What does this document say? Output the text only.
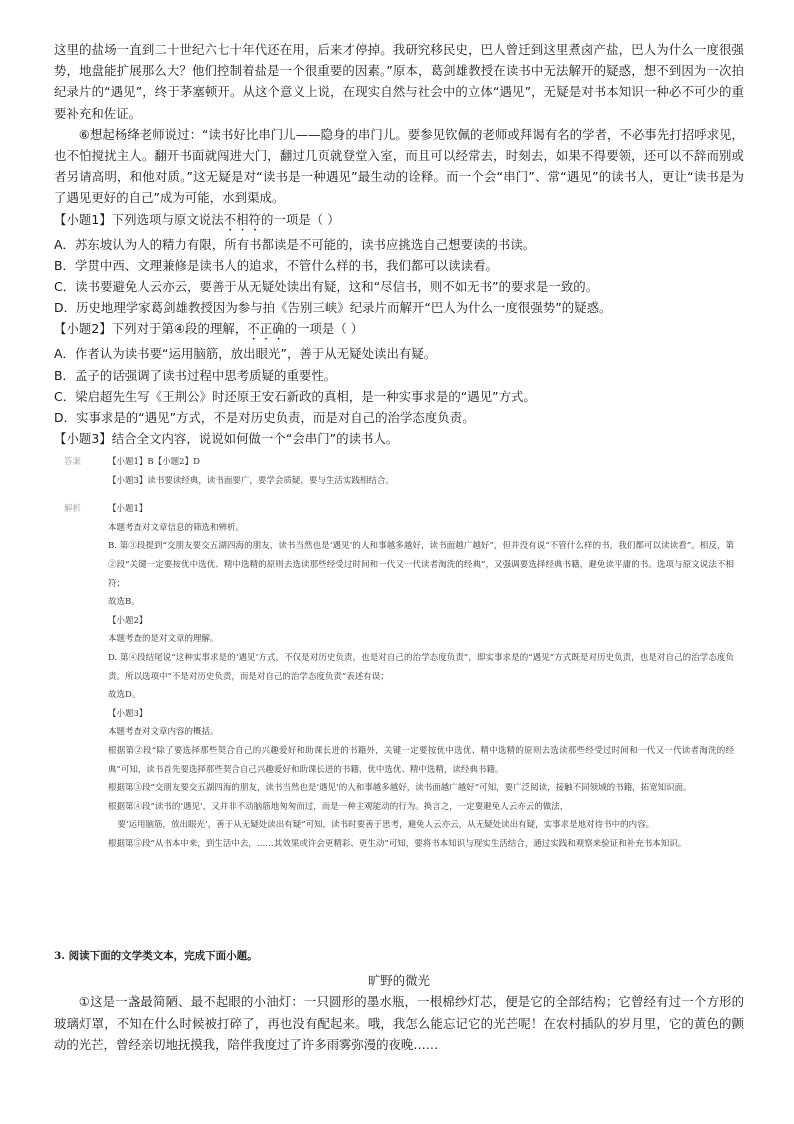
这里的盐场一直到二十世纪六七十年代还在用，后来才停掉。我研究移民史，巴人曾迁到这里煮卤产盐，巴人为什么一度很强势，地盘能扩展那么大？他们控制着盐是一个很重要的因素。”原本，葛剑雄教授在读书中无法解开的疑惑，想不到因为一次拍纪录片的“遇见”，终于茅塞顿开。从这个意义上说，在现实自然与社会中的立体“遇见”，无疑是对书本知识一种必不可少的重要补充和佐证。

⑥想起杨绛老师说过：“读书好比串门儿——隐身的串门儿。要参见钦佩的老师或拜谒有名的学者，不必事先打招呼求见，也不怕搅扰主人。翻开书面就闯进大门，翻过几页就登堂入室，而且可以经常去，时刻去，如果不得要领，还可以不辞而别或者另请高明，和他对质。”这无疑是对“读书是一种遇见”最生动的诠释。而一个会“串门”、常“遇见”的读书人，更让“读书是为了遇见更好的自己”成为可能，水到渠成。

【小题1】下列选项与原文说法不相符的一项是（ ）

A．苏东坡认为人的精力有限，所有书都读是不可能的，读书应挑选自己想要读的书读。

B．学贯中西、文理兼修是读书人的追求，不管什么样的书，我们都可以读读看。

C．读书要避免人云亦云，要善于从无疑处读出有疑，这和“尽信书，则不如无书”的要求是一致的。

D．历史地理学家葛剑雄教授因为参与拍《告别三峡》纪录片而解开“巴人为什么一度很强势”的疑惑。

【小题2】下列对于第④段的理解，不正确的一项是（ ）

A．作者认为读书要“运用脑筋，放出眼光”，善于从无疑处读出有疑。

B．孟子的话强调了读书过程中思考质疑的重要性。

C．梁启超先生写《王荆公》时还原王安石新政的真相，是一种实事求是的“遇见”方式。

D．实事求是的“遇见”方式，不是对历史负责，而是对自己的治学态度负责。

【小题3】结合全文内容，说说如何做一个“会串门”的读书人。

答案	【小题1】B【小题2】D

【小题3】读书要读经典，读书面要广，要学会质疑，要与生活实践相结合。

解析	【小题1】

本题考查对文章信息的筛选和辨析。

B. 第③段提到“交朋友要交五湖四海的朋友，读书当然也是‘遇见’的人和事越多越好，读书面越广越好”，但并没有说“不管什么样的书，我们都可以读读看”。相反，第②段“关键一定要按优中选优、精中选精的原则去选读那些经受过时间和一代又一代读者淘洗的经典”，又强调要选择经典书籍，避免读平庸的书。选项与原文说法不相符；

故选B。

【小题2】

本题考查的是对文章的理解。

D. 第④段结尾说“这种实事求是的‘遇见’方式，不仅是对历史负责，也是对自己的治学态度负责”，即实事求是的“遇见”方式既是对历史负责，也是对自己的治学态度负责。所以选项中“不是对历史负责，而是对自己的治学态度负责”表述有误；

故选D。

【小题3】

本题考查对文章内容的概括。

根据第②段“除了要选择那些契合自己的兴趣爱好和助课长进的书籍外，关键一定要按优中选优、精中选精的原则去选读那些经受过时间和一代又一代读者淘洗的经典”可知，读书首先要选择那些契合自己兴趣爱好和助课长进的书籍，优中选优、精中选精，读经典书籍。

根据第③段“交朋友要交五湖四海的朋友，读书当然也是‘遇见’的人和事越多越好，读书面越广越好”可知，要广泛阅读，接触不同领域的书籍，拓宽知识面。

根据第④段“读书的‘遇见’，又并非不动脑筋地匆匆而过，而是一种主观能动的行为。换言之，一定要避免人云亦云的做法，

要‘运用脑筋，放出眼光’，善于从无疑处读出有疑”可知，读书时要善于思考，避免人云亦云，从无疑处读出有疑，实事求是地对待书中的内容。

根据第⑤段“从书本中来，到生活中去，……其效果或许会更精彩、更生动”可知，要将书本知识与现实生活结合，通过实践和观察来验证和补充书本知识。

3. 阅读下面的文学类文本，完成下面小题。

旷野的微光

①这是一盏最简陋、最不起眼的小油灯：一只圆形的墨水瓶，一根棉纱灯芯，便是它的全部结构；它曾经有过一个方形的玻璃灯罩，不知在什么时候被打碎了，再也没有配起来。哦，我怎么能忘记它的光芒呢！在农村插队的岁月里，它的黄色的颤动的光芒，曾经亲切地抚摸我，陪伴我度过了许多雨雾弥漫的夜晚……
